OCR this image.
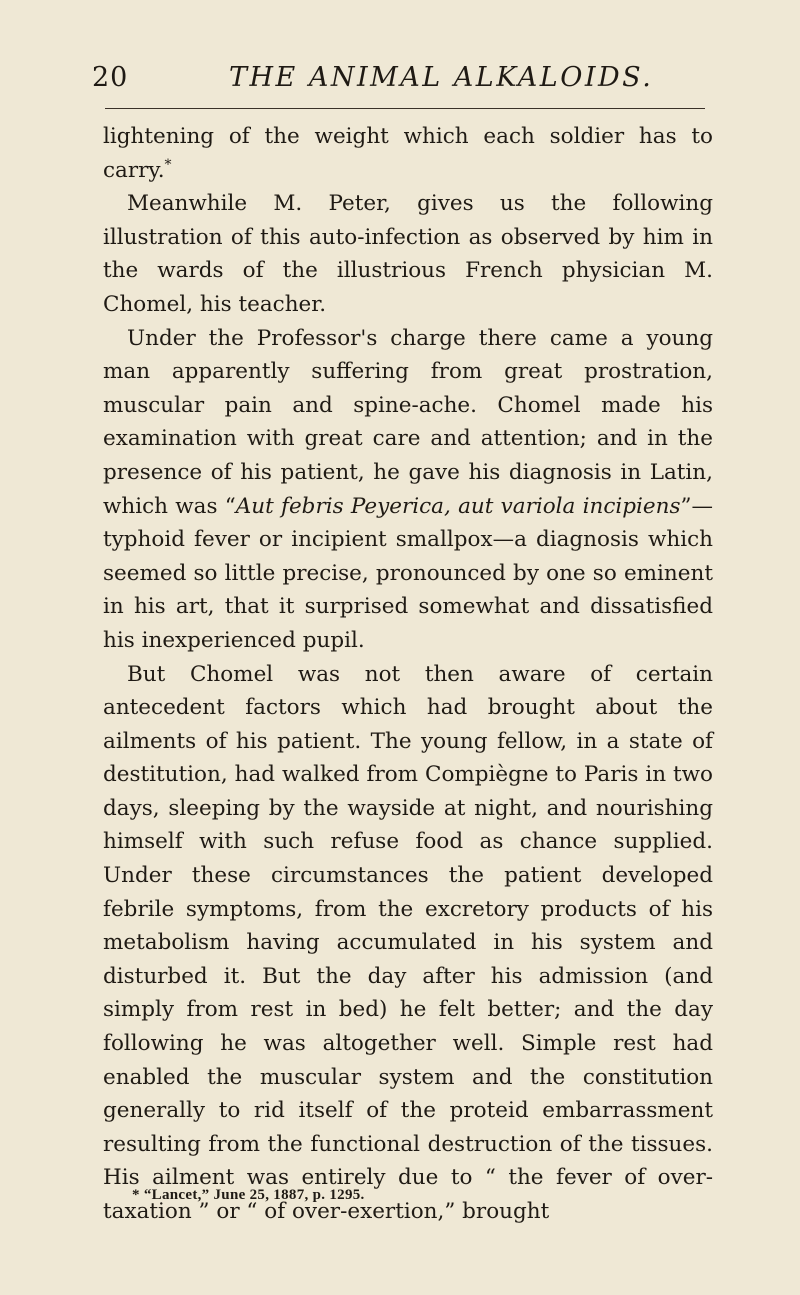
20	THE ANIMAL ALKALOIDS.

lightening of the weight which each soldier has to carry.*

Meanwhile M. Peter, gives us the following illustration of this auto-infection as observed by him in the wards of the illustrious French physician M. Chomel, his teacher.

Under the Professor's charge there came a young man apparently suffering from great prostration, muscular pain and spine-ache. Chomel made his examination with great care and attention; and in the presence of his patient, he gave his diagnosis in Latin, which was “Aut febris Peyerica, aut variola incipiens”—typhoid fever or incipient smallpox—a diagnosis which seemed so little precise, pronounced by one so eminent in his art, that it surprised somewhat and dissatisfied his inexperienced pupil.

But Chomel was not then aware of certain antecedent factors which had brought about the ailments of his patient. The young fellow, in a state of destitution, had walked from Compiègne to Paris in two days, sleeping by the wayside at night, and nourishing himself with such refuse food as chance supplied. Under these circumstances the patient developed febrile symptoms, from the excretory products of his metabolism having accumulated in his system and disturbed it. But the day after his admission (and simply from rest in bed) he felt better; and the day following he was altogether well. Simple rest had enabled the muscular system and the constitution generally to rid itself of the proteid embarrassment resulting from the functional destruction of the tissues. His ailment was entirely due to “ the fever of over-taxation ” or “ of over-exertion,” brought

* “Lancet,” June 25, 1887, p. 1295.
